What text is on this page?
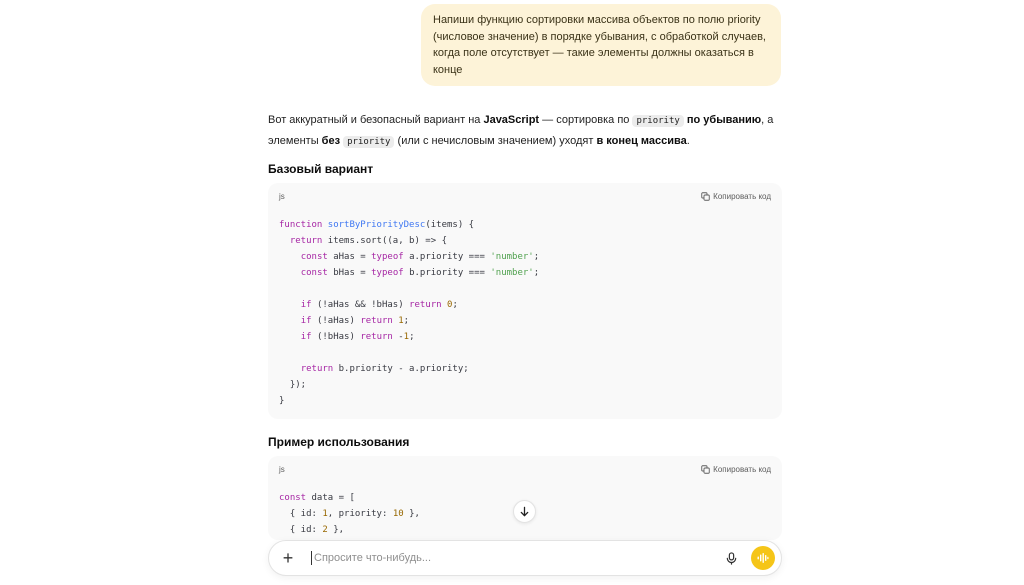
Напиши функцию сортировки массива объектов по полю priority (числовое значение) в порядке убывания, с обработкой случаев, когда поле отсутствует — такие элементы должны оказаться в конце
Вот аккуратный и безопасный вариант на JavaScript — сортировка по priority по убыванию, а элементы без priority (или с нечисловым значением) уходят в конец массива.
Базовый вариант
js	Копировать код
function sortByPriorityDesc(items) {
return items.sort((a, b) => {
const aHas = typeof a.priority === 'number';
const bHas = typeof b.priority === 'number';

if (!aHas && !bHas) return 0;
if (!aHas) return 1;
if (!bHas) return -1;

return b.priority - a.priority;
});
}
Пример использования
js	Копировать код
const data = [
{ id: 1, priority: 10 },
{ id: 2 },
+
Спросите что-нибудь...
